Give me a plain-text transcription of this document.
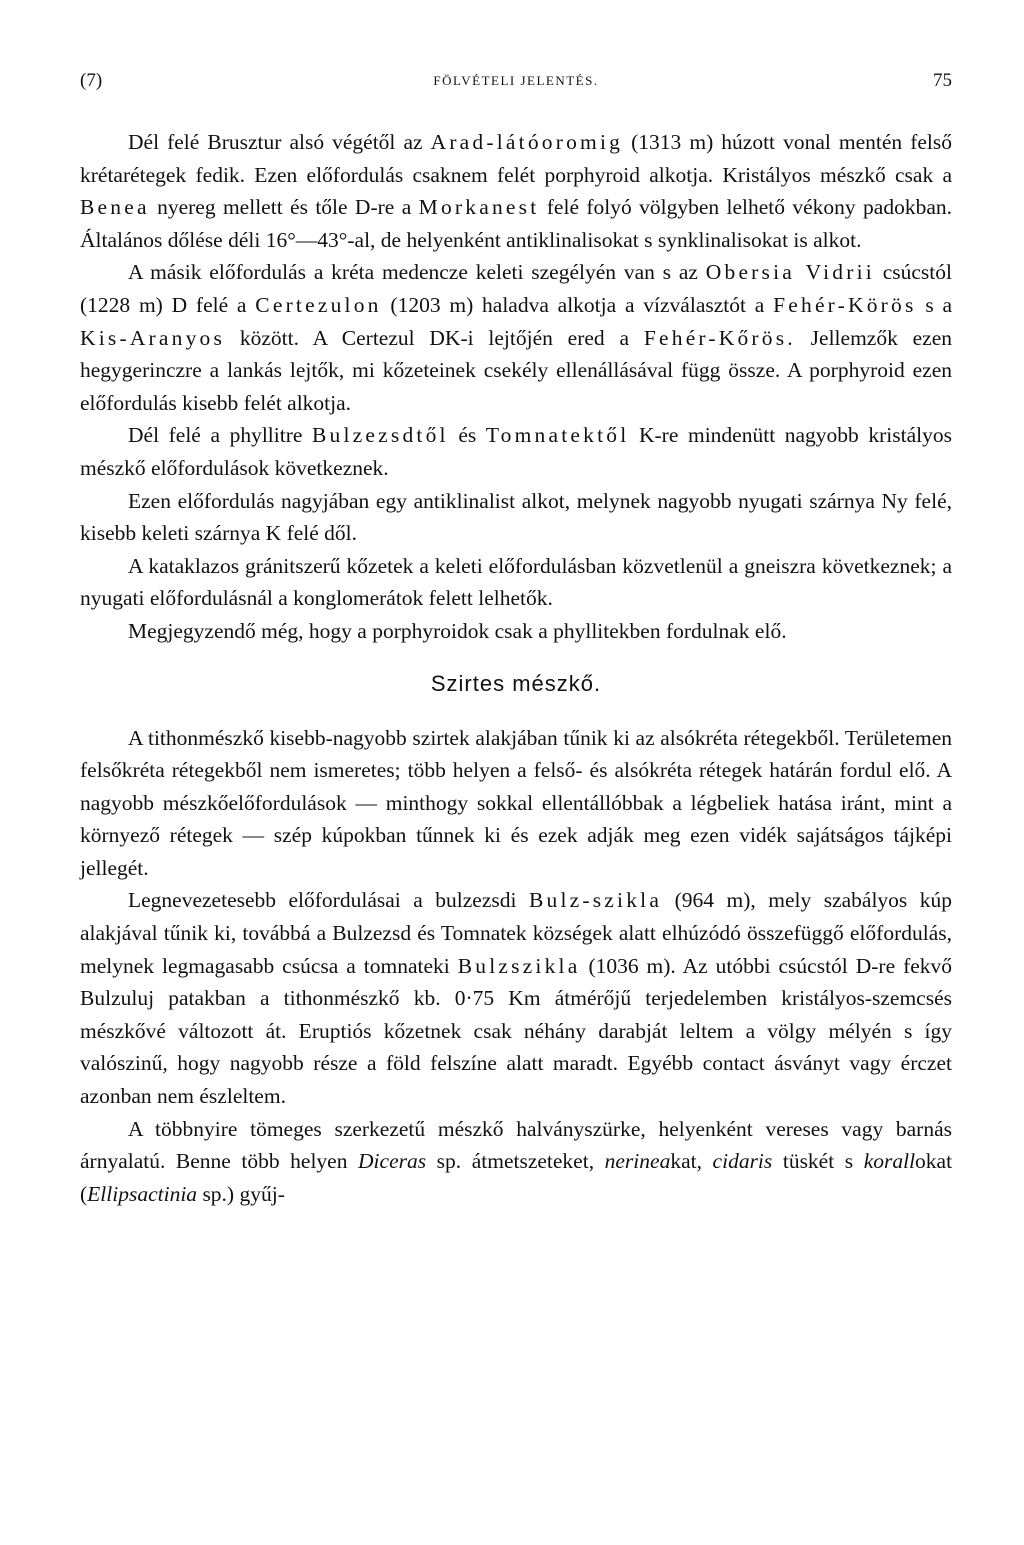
(7)	FÖLVÉTELI JELENTÉS.	75

Dél felé Brusztur alsó végétől az Arad-látóoromig (1313 m) húzott vonal mentén felső krétarétegek fedik. Ezen előfordulás csaknem felét porphyroid alkotja. Kristályos mészkő csak a Benea nyereg mellett és tőle D-re a Morkanest felé folyó völgyben lelhető vékony padokban. Általános dőlése déli 16°—43°-al, de helyenként antiklinalisokat s synklinalisokat is alkot.

A másik előfordulás a kréta medencze keleti szegélyén van s az Obersia Vidrii csúcstól (1228 m) D felé a Certezulon (1203 m) haladva alkotja a vízválasztót a Fehér-Körös s a Kis-Aranyos között. A Certezul DK-i lejtőjén ered a Fehér-Kőrös. Jellemzők ezen hegygerinczre a lankás lejtők, mi kőzeteinek csekély ellenállásával függ össze. A porphyroid ezen előfordulás kisebb felét alkotja.

Dél felé a phyllitre Bulzezsdtől és Tomnatektől K-re mindenütt nagyobb kristályos mészkő előfordulások következnek.

Ezen előfordulás nagyjában egy antiklinalist alkot, melynek nagyobb nyugati szárnya Ny felé, kisebb keleti szárnya K felé dől.

A kataklazos gránitszerű kőzetek a keleti előfordulásban közvetlenül a gneiszra következnek; a nyugati előfordulásnál a konglomerátok felett lelhetők.

Megjegyzendő még, hogy a porphyroidok csak a phyllitekben fordulnak elő.

Szirtes mészkő.

A tithonmészkő kisebb-nagyobb szirtek alakjában tűnik ki az alsókréta rétegekből. Területemen felsőkréta rétegekből nem ismeretes; több helyen a felső- és alsókréta rétegek határán fordul elő. A nagyobb mészkőelőfordulások — minthogy sokkal ellentállóbbak a légbeliek hatása iránt, mint a környező rétegek — szép kúpokban tűnnek ki és ezek adják meg ezen vidék sajátságos tájképi jellegét.

Legnevezetesebb előfordulásai a bulzezsdi Bulz-szikla (964 m), mely szabályos kúp alakjával tűnik ki, továbbá a Bulzezsd és Tomnatek községek alatt elhúzódó összefüggő előfordulás, melynek legmagasabb csúcsa a tomnateki Bulzszikla (1036 m). Az utóbbi csúcstól D-re fekvő Bulzuluj patakban a tithonmészkő kb. 0·75 Km átmérőjű terjedelemben kristályos-szemcsés mészkővé változott át. Eruptiós kőzetnek csak néhány darabját leltem a völgy mélyén s így valószinű, hogy nagyobb része a föld felszíne alatt maradt. Egyébb contact ásványt vagy érczet azonban nem észleltem.

A többnyire tömeges szerkezetű mészkő halványszürke, helyenként vereses vagy barnás árnyalatú. Benne több helyen Diceras sp. átmetszeteket, nerineakat, cidaris tüskét s korallokat (Ellipsactinia sp.) gyűj-
